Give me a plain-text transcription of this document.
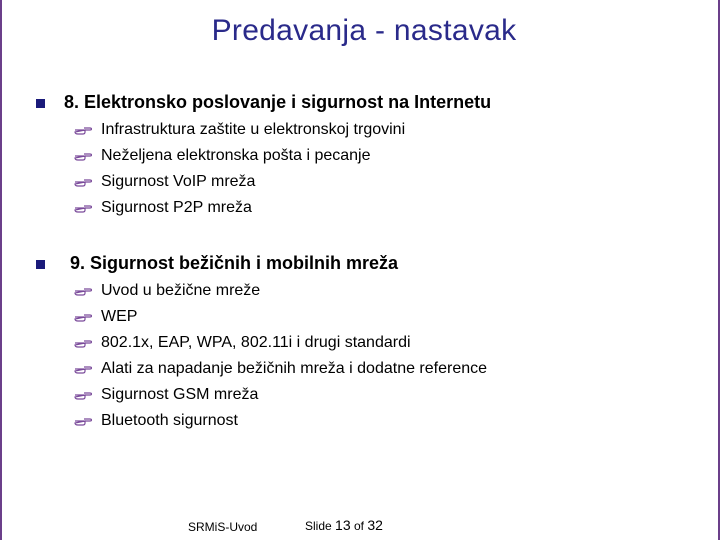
Predavanja - nastavak
8. Elektronsko poslovanje i sigurnost na Internetu
Infrastruktura zaštite u elektronskoj trgovini
Neželjena elektronska pošta i pecanje
Sigurnost VoIP mreža
Sigurnost P2P mreža
9. Sigurnost bežičnih i mobilnih mreža
Uvod u bežične mreže
WEP
802.1x, EAP, WPA, 802.11i i drugi standardi
Alati za napadanje bežičnih mreža i dodatne reference
Sigurnost GSM mreža
Bluetooth sigurnost
SRMiS-Uvod	Slide 13 of 32
